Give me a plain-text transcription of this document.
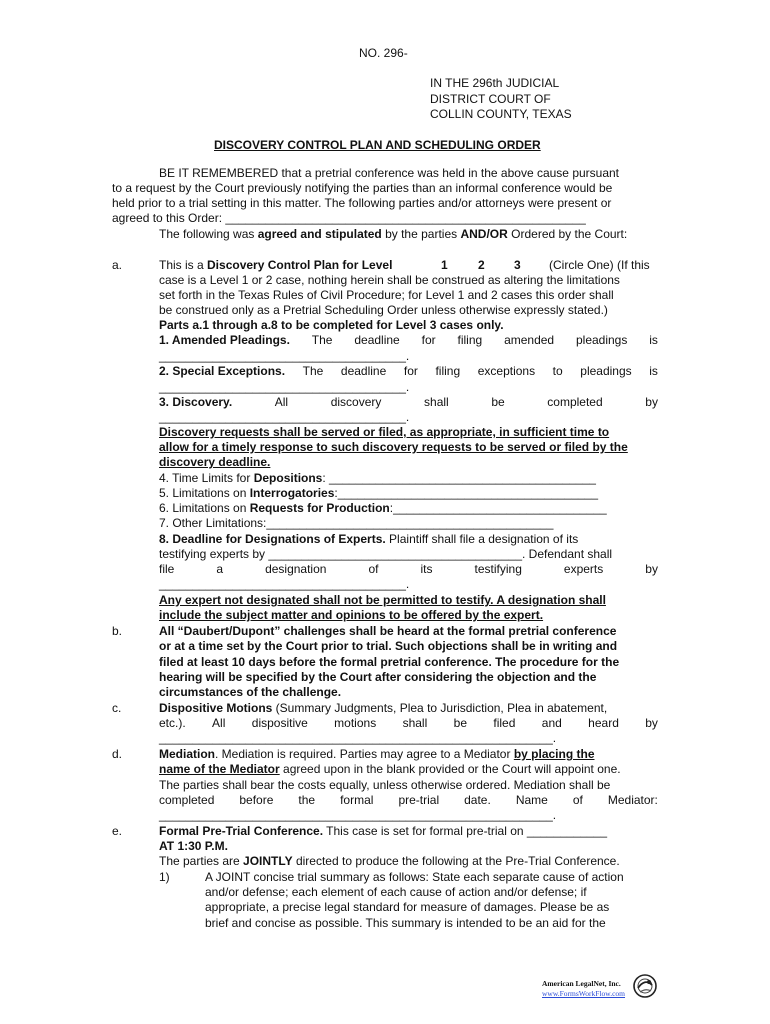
NO. 296-
IN THE 296th JUDICIAL
DISTRICT COURT OF
COLLIN COUNTY, TEXAS
DISCOVERY CONTROL PLAN AND SCHEDULING ORDER
BE IT REMEMBERED that a pretrial conference was held in the above cause pursuant
to a request by the Court previously notifying the parties than an informal conference would be
held prior to a trial setting in this matter. The following parties and/or attorneys were present or
agreed to this Order: ______________________________________________________
The following was agreed and stipulated by the parties AND/OR Ordered by the Court:
a.	This is a Discovery Control Plan for Level	1	2 3 (Circle One) (If this
case is a Level 1 or 2 case, nothing herein shall be construed as altering the limitations
set forth in the Texas Rules of Civil Procedure; for Level 1 and 2 cases this order shall
be construed only as a Pretrial Scheduling Order unless otherwise expressly stated.)
Parts a.1 through a.8 to be completed for Level 3 cases only.
1. Amended Pleadings. The deadline for filing amended pleadings is
_____________________________________.
2. Special Exceptions. The deadline for filing exceptions to pleadings is
_____________________________________.
3. Discovery.	All	discovery	shall	be	completed	by
_____________________________________.
Discovery requests shall be served or filed, as appropriate, in sufficient time to
allow for a timely response to such discovery requests to be served or filed by the
discovery deadline.
4. Time Limits for Depositions: ________________________________________
5. Limitations on Interrogatories:_______________________________________
6. Limitations on Requests for Production:________________________________
7. Other Limitations:___________________________________________
8. Deadline for Designations of Experts. Plaintiff shall file a designation of its
testifying experts by ______________________________________. Defendant shall
file	a	designation	of	its	testifying	experts	by
_____________________________________.
Any expert not designated shall not be permitted to testify. A designation shall
include the subject matter and opinions to be offered by the expert.
b.	All “Daubert/Dupont” challenges shall be heard at the formal pretrial conference
or at a time set by the Court prior to trial. Such objections shall be in writing and
filed at least 10 days before the formal pretrial conference. The procedure for the
hearing will be specified by the Court after considering the objection and the
circumstances of the challenge.
c.	Dispositive Motions (Summary Judgments, Plea to Jurisdiction, Plea in abatement,
etc.). All dispositive motions shall be filed and heard by
___________________________________________________________.
d.	Mediation. Mediation is required. Parties may agree to a Mediator by placing the
name of the Mediator agreed upon in the blank provided or the Court will appoint one.
The parties shall bear the costs equally, unless otherwise ordered. Mediation shall be
completed before the formal pre-trial date. Name of Mediator:
___________________________________________________________.
e.	Formal Pre-Trial Conference. This case is set for formal pre-trial on ____________
AT 1:30 P.M.
The parties are JOINTLY directed to produce the following at the Pre-Trial Conference.
1)	A JOINT concise trial summary as follows: State each separate cause of action
and/or defense; each element of each cause of action and/or defense; if
appropriate, a precise legal standard for measure of damages. Please be as
brief and concise as possible. This summary is intended to be an aid for the
American LegalNet, Inc.
www.FormsWorkFlow.com
